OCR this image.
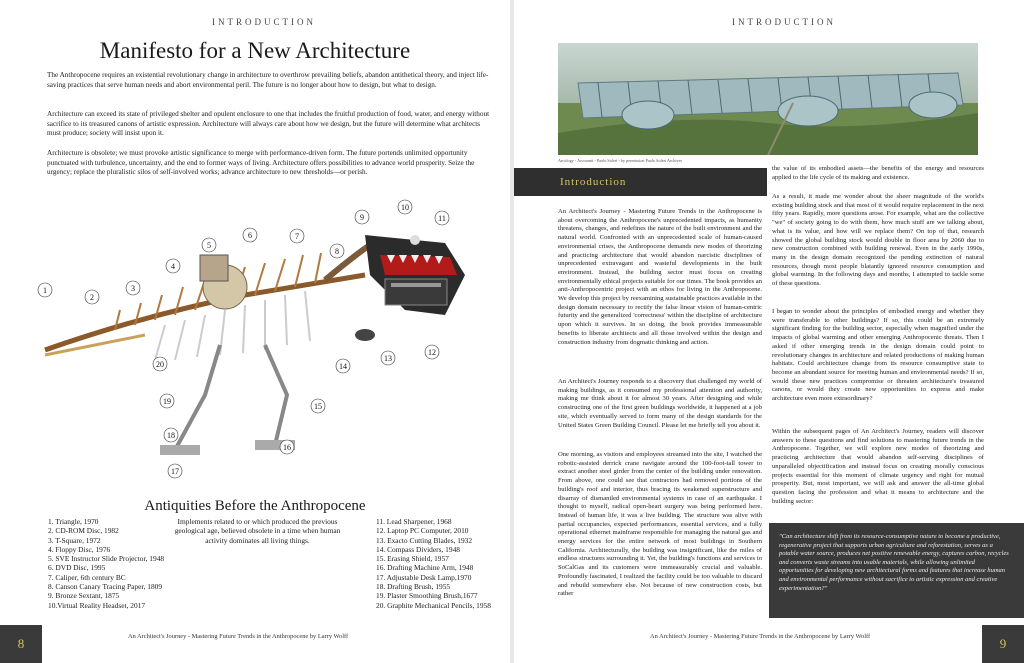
INTRODUCTION
Manifesto for a New Architecture

The Anthropocene requires an existential revolutionary change in architecture to overthrow prevailing beliefs, abandon antithetical theory, and inject life-saving practices that serve human needs and abort environmental peril. The future is no longer about how to design, but what to design.

Architecture can exceed its state of privileged shelter and opulent enclosure to one that includes the fruitful production of food, water, and energy without sacrifice to its treasured canons of artistic expression. Architecture will always care about how we design, but the future will determine what architects must produce; society will insist upon it.

Architecture is obsolete; we must provoke artistic significance to merge with performance-driven form. The future portends unlimited opportunity punctuated with turbulence, uncertainty, and the end to former ways of living. Architecture offers possibilities to advance world prosperity. Seize the urgency; replace the pluralistic silos of self-involved works; advance architecture to new thresholds—or perish.

1
2
3
4
5
6	7
8
9
10
11
12
13
14
15
16
17
18
19
20
Antiquities Before the Anthropocene
1. Triangle, 1970
2. CD-ROM Disc, 1982
3. T-Square, 1972
4. Floppy Disc, 1976
5. SVE Instructor Slide Projector, 1948
6. DVD Disc, 1995
7. Caliper, 6th century BC
8. Canson Canary Tracing Paper, 1809
9. Bronze Sextant, 1875
10.Virtual Reality Headset, 2017

Implements related to or which produced the previous geological age, believed obsolete in a time when human activity dominates all living things.

11. Lead Sharpener, 1968
12. Laptop PC Computer, 2010
13. Exacto Cutting Blades, 1932
14. Compass Dividers, 1948
15. Erasing Shield, 1957
16. Drafting Machine Arm, 1948
17. Adjustable Desk Lamp,1970
18. Drafting Brush, 1955
19. Plaster Smoothing Brush,1677
20. Graphite Mechanical Pencils, 1958
8	An Architect's Journey - Mastering Future Trends in the Anthropocene by Larry Wolff
INTRODUCTION
Arcology - Arcosanti - Paolo Soleri - by permission Paolo Soleri Archives
Introduction

An Architect's Journey - Mastering Future Trends in the Anthropocene is about overcoming the Anthropocene's unprecedented impacts, as humanity threatens, changes, and redefines the nature of the built environment and the natural world. Confronted with an unprecedented scale of human-caused environmental crises, the Anthropocene demands new modes of theorizing and practicing architecture that would abandon narcistic disciplines of unprecedented extravagant and wasteful developments in the built environment. Instead, the building sector must focus on creating environmentally ethical projects suitable for our times. The book provides an anti-Anthropocentric project with an ethos for living in the Anthropocene. We develop this project by reexamining sustainable practices available in the design domain necessary to rectify the false linear vision of human-centric futurity and the generalized 'correctness' within the discipline of architecture upon which it survives. In so doing, the book provides immeasurable benefits to liberate architects and all those involved within the design and construction industry from dogmatic thinking and action.

An Architect's Journey responds to a discovery that challenged my world of making buildings, as it consumed my professional attention and authority, making me think about it for almost 30 years. After designing and while constructing one of the first green buildings worldwide, it happened at a job site, which eventually served to form many of the design standards for the United States Green Building Council. Please let me briefly tell you about it.

One morning, as visitors and employees streamed into the site, I watched the robotic-assisted derrick crane navigate around the 100-foot-tall tower to extract another steel girder from the center of the building under renovation. From above, one could see that contractors had removed portions of the building's roof and interior, thus bracing its weakened superstructure and disarray of dismantled environmental systems in case of an earthquake. I thought to myself, radical open-heart surgery was being performed here. Instead of human life, it was a live building. The structure was alive with partial occupancies, expected performances, essential services, and a fully operational ethernet mainframe responsible for managing the natural gas and energy services for the entire network of most buildings in Southern California. Architecturally, the building was insignificant, like the miles of endless structures surrounding it. Yet, the building's functions and services to SoCalGas and its customers were immeasurably crucial and valuable. Profoundly fascinated, I realized the facility could be too valuable to discard and rebuild somewhere else. Not because of new construction costs, but rather

the value of its embodied assets—the benefits of the energy and resources applied to the life cycle of its making and existence.

As a result, it made me wonder about the sheer magnitude of the world's existing building stock and that most of it would require replacement in the next fifty years. Rapidly, more questions arose. For example, what are the collective "we" of society going to do with them, how much stuff are we talking about, what is its value, and how will we replace them? On top of that, research showed the global building stock would double in floor area by 2060 due to new construction combined with building renewal. Even in the early 1990s, many in the design domain recognized the pending extinction of natural resources, though most people blatantly ignored resource consumption and global warming. In the following days and months, I attempted to tackle some of these questions.

I began to wonder about the principles of embodied energy and whether they were transferable to other buildings? If so, this could be an extremely significant finding for the building sector, especially when magnified under the impacts of global warming and other emerging Anthropocenic threats. Then I asked if other emerging trends in the design domain could point to revolutionary changes in architecture and related productions of making human habitats. Could architecture change from its resource consumptive state to become an abundant source for meeting human and environmental needs? If so, would these new practices compromise or threaten architecture's treasured canons, or would they create new opportunities to express and make architecture even more extraordinary?

Within the subsequent pages of An Architect's Journey, readers will discover answers to these questions and find solutions to mastering future trends in the Anthropocene. Together, we will explore new modes of theorizing and practicing architecture that would abandon self-serving disciplines of unparalleled objectification and instead focus on creating morally conscious projects essential for this moment of climate urgency and right for mutual prosperity. But, most important, we will ask and answer the all-time global question facing the profession and what it means to architecture and the building sector:

"Can architecture shift from its resource-consumptive nature to become a productive, regenerative project that supports urban agriculture and reforestation, serves as a potable water source, produces net positive renewable energy, captures carbon, recycles and converts waste streams into usable materials, while allowing unlimited opportunities for developing new architectural forms and features that increase human and environmental performance without sacrifice to artistic expression and creative experimentation?"

9
An Architect's Journey - Mastering Future Trends in the Anthropocene by Larry Wolff
